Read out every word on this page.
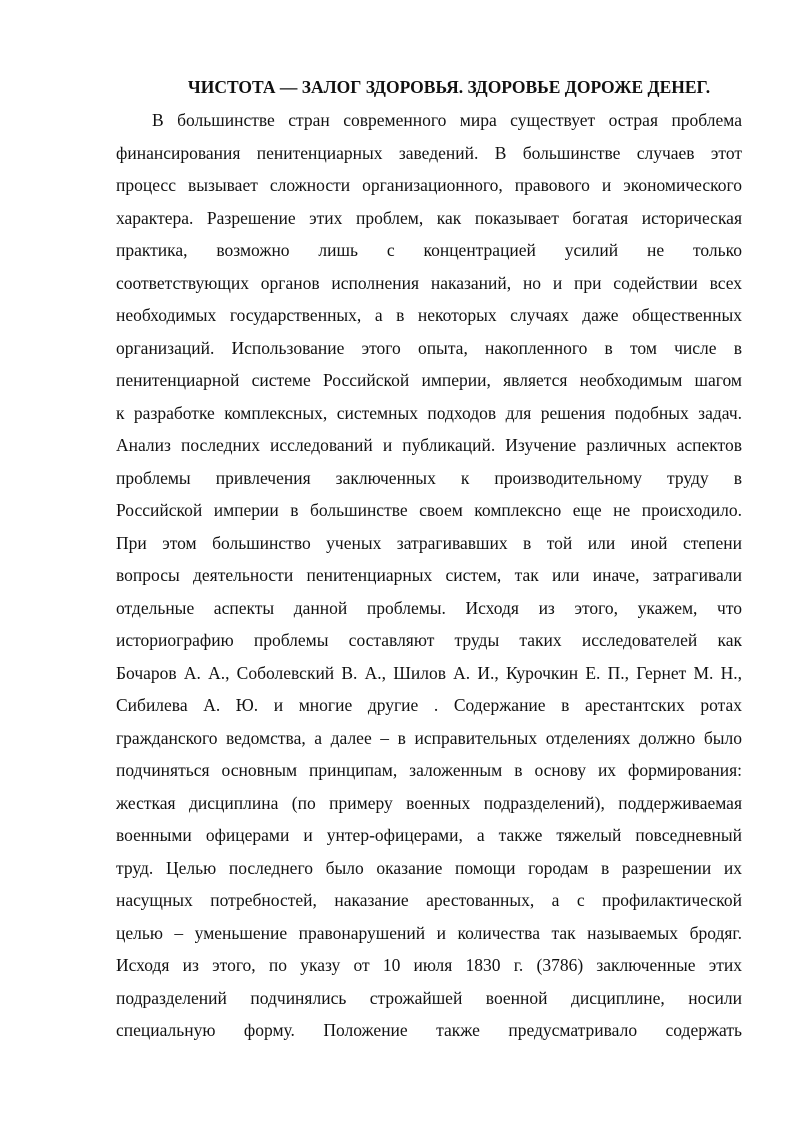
ЧИСТОТА — ЗАЛОГ ЗДОРОВЬЯ. ЗДОРОВЬЕ ДОРОЖЕ ДЕНЕГ.
В большинстве стран современного мира существует острая проблема
финансирования пенитенциарных заведений. В большинстве случаев этот
процесс вызывает сложности организационного, правового и экономического
характера. Разрешение этих проблем, как показывает богатая историческая
практика, возможно лишь с концентрацией усилий не только
соответствующих органов исполнения наказаний, но и при содействии всех
необходимых государственных, а в некоторых случаях даже общественных
организаций. Использование этого опыта, накопленного в том числе в
пенитенциарной системе Российской империи, является необходимым шагом
к разработке комплексных, системных подходов для решения подобных задач.
Анализ последних исследований и публикаций. Изучение различных аспектов
проблемы привлечения заключенных к производительному труду в
Российской империи в большинстве своем комплексно еще не происходило.
При этом большинство ученых затрагивавших в той или иной степени
вопросы деятельности пенитенциарных систем, так или иначе, затрагивали
отдельные аспекты данной проблемы. Исходя из этого, укажем, что
историографию проблемы составляют труды таких исследователей как
Бочаров А. А., Соболевский В. А., Шилов А. И., Курочкин Е. П., Гернет М. Н.,
Сибилева А. Ю. и многие другие . Содержание в арестантских ротах
гражданского ведомства, а далее – в исправительных отделениях должно было
подчиняться основным принципам, заложенным в основу их формирования:
жесткая дисциплина (по примеру военных подразделений), поддерживаемая
военными офицерами и унтер-офицерами, а также тяжелый повседневный
труд. Целью последнего было оказание помощи городам в разрешении их
насущных потребностей, наказание арестованных, а с профилактической
целью – уменьшение правонарушений и количества так называемых бродяг.
Исходя из этого, по указу от 10 июля 1830 г. (3786) заключенные этих
подразделений подчинялись строжайшей военной дисциплине, носили
специальную форму. Положение также предусматривало содержать
